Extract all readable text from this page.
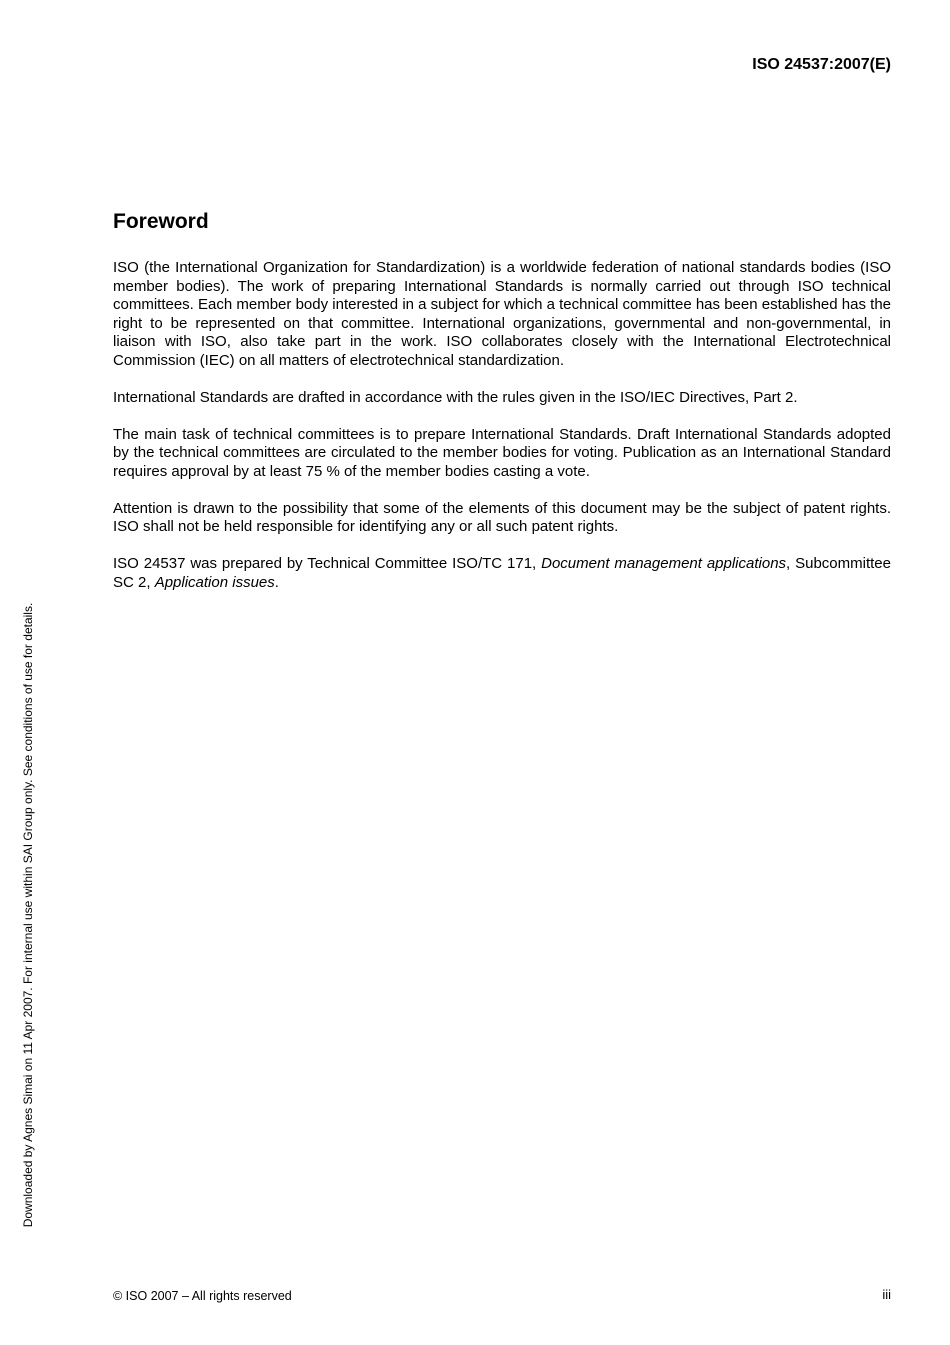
ISO 24537:2007(E)
Foreword

ISO (the International Organization for Standardization) is a worldwide federation of national standards bodies (ISO member bodies). The work of preparing International Standards is normally carried out through ISO technical committees. Each member body interested in a subject for which a technical committee has been established has the right to be represented on that committee. International organizations, governmental and non-governmental, in liaison with ISO, also take part in the work. ISO collaborates closely with the International Electrotechnical Commission (IEC) on all matters of electrotechnical standardization.

International Standards are drafted in accordance with the rules given in the ISO/IEC Directives, Part 2.

The main task of technical committees is to prepare International Standards. Draft International Standards adopted by the technical committees are circulated to the member bodies for voting. Publication as an International Standard requires approval by at least 75 % of the member bodies casting a vote.

Attention is drawn to the possibility that some of the elements of this document may be the subject of patent rights. ISO shall not be held responsible for identifying any or all such patent rights.

ISO 24537 was prepared by Technical Committee ISO/TC 171, Document management applications, Subcommittee SC 2, Application issues.

Downloaded by Agnes Simai on 11 Apr 2007. For internal use within SAI Group only. See conditions of use for details.
© ISO 2007 – All rights reserved	iii
